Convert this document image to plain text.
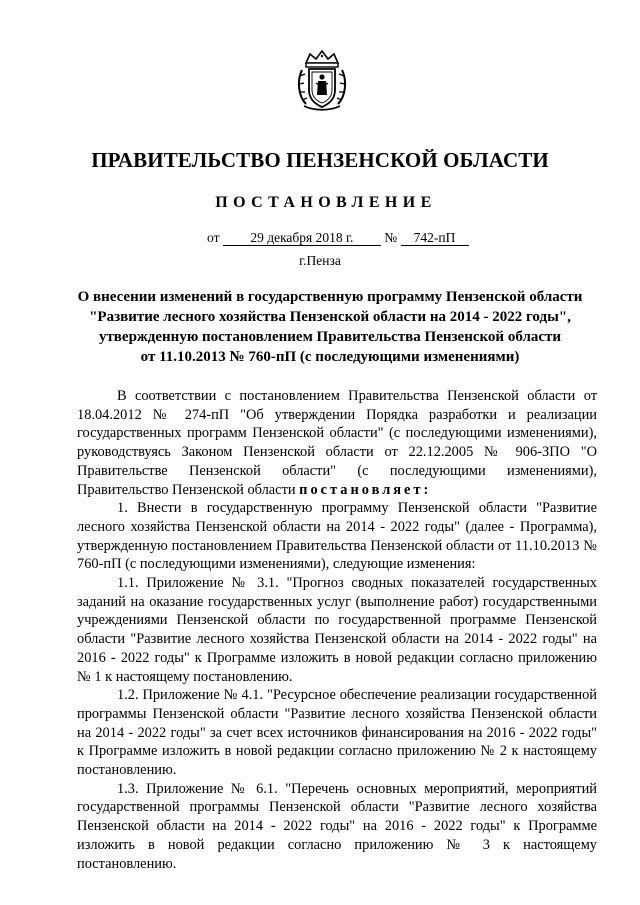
ПРАВИТЕЛЬСТВО ПЕНЗЕНСКОЙ ОБЛАСТИ
ПОСТАНОВЛЕНИЕ
от 29 декабря 2018 г. № 742-пП
г.Пенза
О внесении изменений в государственную программу Пензенской области
"Развитие лесного хозяйства Пензенской области на 2014 - 2022 годы",
утвержденную постановлением Правительства Пензенской области
от 11.10.2013 № 760-пП (с последующими изменениями)

В соответствии с постановлением Правительства Пензенской области от 18.04.2012 № 274-пП "Об утверждении Порядка разработки и реализации государственных программ Пензенской области" (с последующими изменениями), руководствуясь Законом Пензенской области от 22.12.2005 № 906-ЗПО "О Правительстве Пензенской области" (с последующими изменениями), Правительство Пензенской области постановляет:

1. Внести в государственную программу Пензенской области "Развитие лесного хозяйства Пензенской области на 2014 - 2022 годы" (далее - Программа), утвержденную постановлением Правительства Пензенской области от 11.10.2013 № 760-пП (с последующими изменениями), следующие изменения:

1.1. Приложение № 3.1. "Прогноз сводных показателей государственных заданий на оказание государственных услуг (выполнение работ) государственными учреждениями Пензенской области по государственной программе Пензенской области "Развитие лесного хозяйства Пензенской области на 2014 - 2022 годы" на 2016 - 2022 годы" к Программе изложить в новой редакции согласно приложению № 1 к настоящему постановлению.

1.2. Приложение № 4.1. "Ресурсное обеспечение реализации государственной программы Пензенской области "Развитие лесного хозяйства Пензенской области на 2014 - 2022 годы" за счет всех источников финансирования на 2016 - 2022 годы" к Программе изложить в новой редакции согласно приложению № 2 к настоящему постановлению.

1.3. Приложение № 6.1. "Перечень основных мероприятий, мероприятий государственной программы Пензенской области "Развитие лесного хозяйства Пензенской области на 2014 - 2022 годы" на 2016 - 2022 годы" к Программе изложить в новой редакции согласно приложению № 3 к настоящему постановлению.
